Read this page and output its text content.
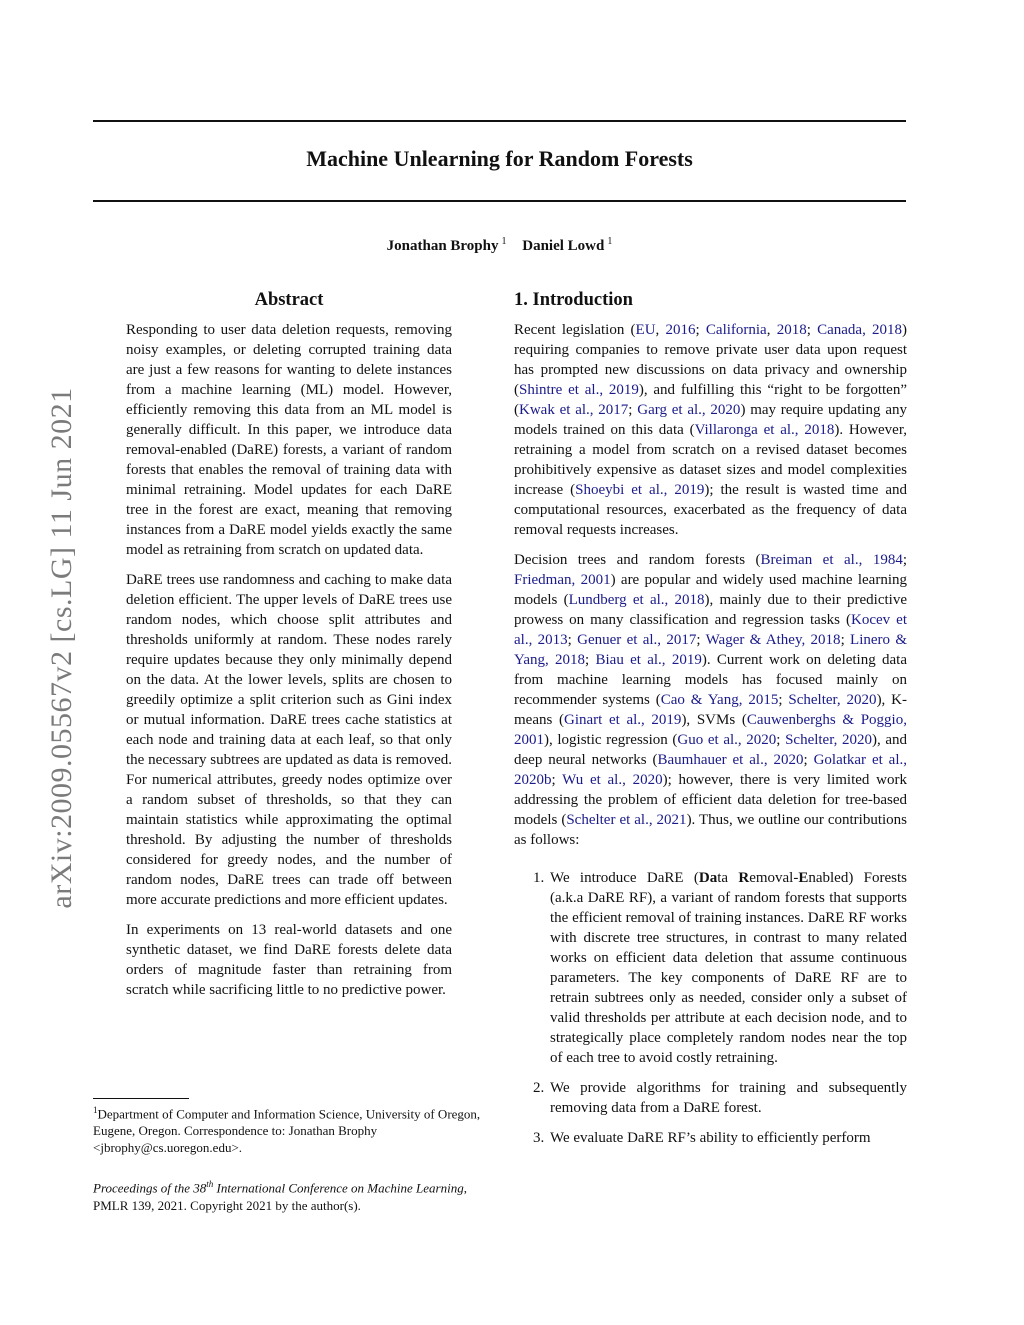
Machine Unlearning for Random Forests
Jonathan Brophy $^1$ Daniel Lowd $^1$
arXiv:2009.05567v2 [cs.LG] 11 Jun 2021
Abstract

Responding to user data deletion requests, removing noisy examples, or deleting corrupted training data are just a few reasons for wanting to delete instances from a machine learning (ML) model. However, efficiently removing this data from an ML model is generally difficult. In this paper, we introduce data removal-enabled (DaRE) forests, a variant of random forests that enables the removal of training data with minimal retraining. Model updates for each DaRE tree in the forest are exact, meaning that removing instances from a DaRE model yields exactly the same model as retraining from scratch on updated data.

DaRE trees use randomness and caching to make data deletion efficient. The upper levels of DaRE trees use random nodes, which choose split attributes and thresholds uniformly at random. These nodes rarely require updates because they only minimally depend on the data. At the lower levels, splits are chosen to greedily optimize a split criterion such as Gini index or mutual information. DaRE trees cache statistics at each node and training data at each leaf, so that only the necessary subtrees are updated as data is removed. For numerical attributes, greedy nodes optimize over a random subset of thresholds, so that they can maintain statistics while approximating the optimal threshold. By adjusting the number of thresholds considered for greedy nodes, and the number of random nodes, DaRE trees can trade off between more accurate predictions and more efficient updates.

In experiments on 13 real-world datasets and one synthetic dataset, we find DaRE forests delete data orders of magnitude faster than retraining from scratch while sacrificing little to no predictive power.

$^1$Department of Computer and Information Science, University of Oregon, Eugene, Oregon. Correspondence to: Jonathan Brophy <jbrophy@cs.uoregon.edu>.
Proceedings of the 38th International Conference on Machine Learning, PMLR 139, 2021. Copyright 2021 by the author(s).
1. Introduction

Recent legislation (EU, 2016; California, 2018; Canada, 2018) requiring companies to remove private user data upon request has prompted new discussions on data privacy and ownership (Shintre et al., 2019), and fulfilling this “right to be forgotten” (Kwak et al., 2017; Garg et al., 2020) may require updating any models trained on this data (Villaronga et al., 2018). However, retraining a model from scratch on a revised dataset becomes prohibitively expensive as dataset sizes and model complexities increase (Shoeybi et al., 2019); the result is wasted time and computational resources, exacerbated as the frequency of data removal requests increases.

Decision trees and random forests (Breiman et al., 1984; Friedman, 2001) are popular and widely used machine learning models (Lundberg et al., 2018), mainly due to their predictive prowess on many classification and regression tasks (Kocev et al., 2013; Genuer et al., 2017; Wager & Athey, 2018; Linero & Yang, 2018; Biau et al., 2019). Current work on deleting data from machine learning models has focused mainly on recommender systems (Cao & Yang, 2015; Schelter, 2020), K-means (Ginart et al., 2019), SVMs (Cauwenberghs & Poggio, 2001), logistic regression (Guo et al., 2020; Schelter, 2020), and deep neural networks (Baumhauer et al., 2020; Golatkar et al., 2020b; Wu et al., 2020); however, there is very limited work addressing the problem of efficient data deletion for tree-based models (Schelter et al., 2021). Thus, we outline our contributions as follows:

1. We introduce DaRE (Data Removal-Enabled) Forests (a.k.a DaRE RF), a variant of random forests that supports the efficient removal of training instances. DaRE RF works with discrete tree structures, in contrast to many related works on efficient data deletion that assume continuous parameters. The key components of DaRE RF are to retrain subtrees only as needed, consider only a subset of valid thresholds per attribute at each decision node, and to strategically place completely random nodes near the top of each tree to avoid costly retraining.
2. We provide algorithms for training and subsequently removing data from a DaRE forest.
3. We evaluate DaRE RF’s ability to efficiently perform
